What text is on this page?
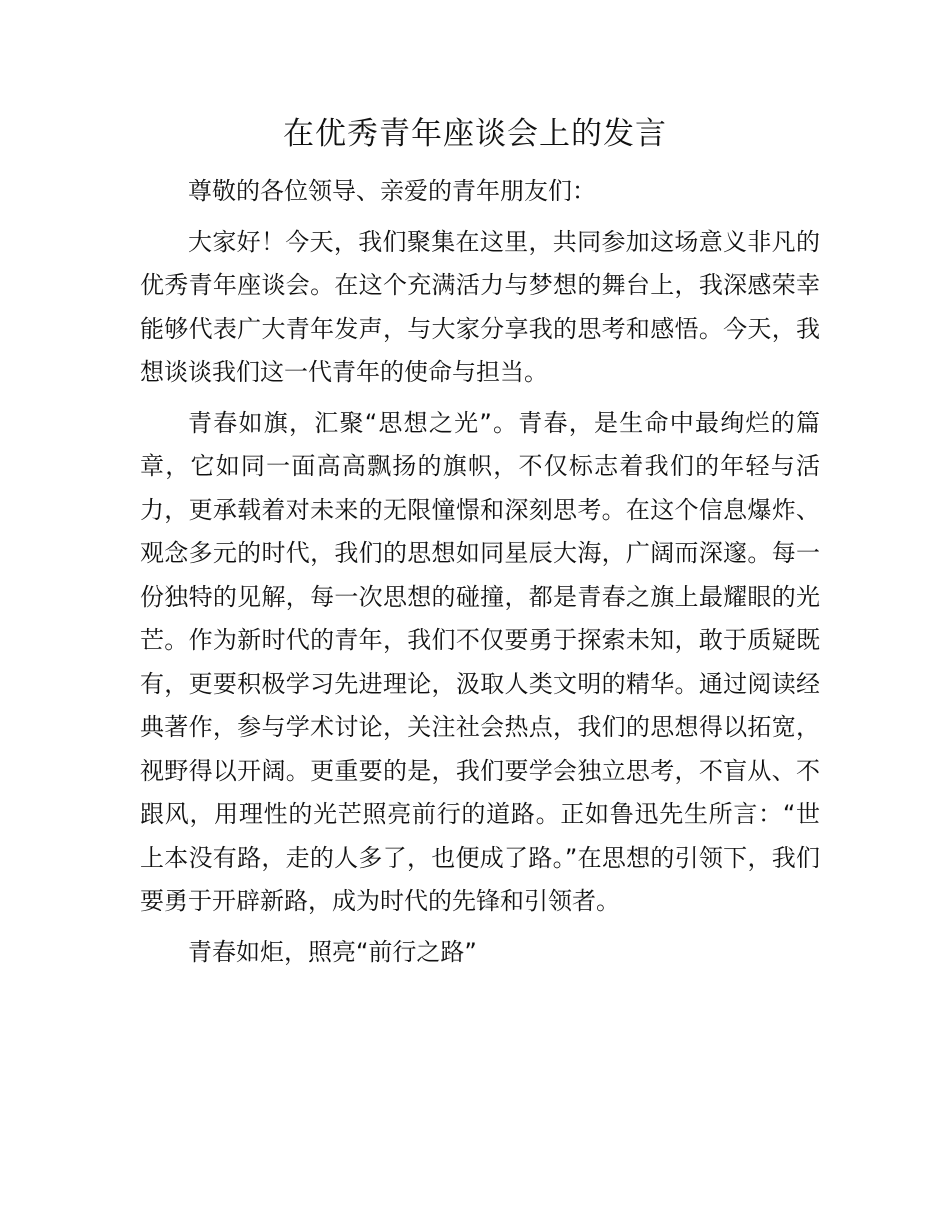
在优秀青年座谈会上的发言

尊敬的各位领导、亲爱的青年朋友们：

大家好！今天，我们聚集在这里，共同参加这场意义非凡的优秀青年座谈会。在这个充满活力与梦想的舞台上，我深感荣幸能够代表广大青年发声，与大家分享我的思考和感悟。今天，我想谈谈我们这一代青年的使命与担当。

青春如旗，汇聚“思想之光”。青春，是生命中最绚烂的篇章，它如同一面高高飘扬的旗帜，不仅标志着我们的年轻与活力，更承载着对未来的无限憧憬和深刻思考。在这个信息爆炸、观念多元的时代，我们的思想如同星辰大海，广阔而深邃。每一份独特的见解，每一次思想的碰撞，都是青春之旗上最耀眼的光芒。作为新时代的青年，我们不仅要勇于探索未知，敢于质疑既有，更要积极学习先进理论，汲取人类文明的精华。通过阅读经典著作，参与学术讨论，关注社会热点，我们的思想得以拓宽，视野得以开阔。更重要的是，我们要学会独立思考，不盲从、不跟风，用理性的光芒照亮前行的道路。正如鲁迅先生所言：“世上本没有路，走的人多了，也便成了路。”在思想的引领下，我们要勇于开辟新路，成为时代的先锋和引领者。

青春如炬，照亮“前行之路”
